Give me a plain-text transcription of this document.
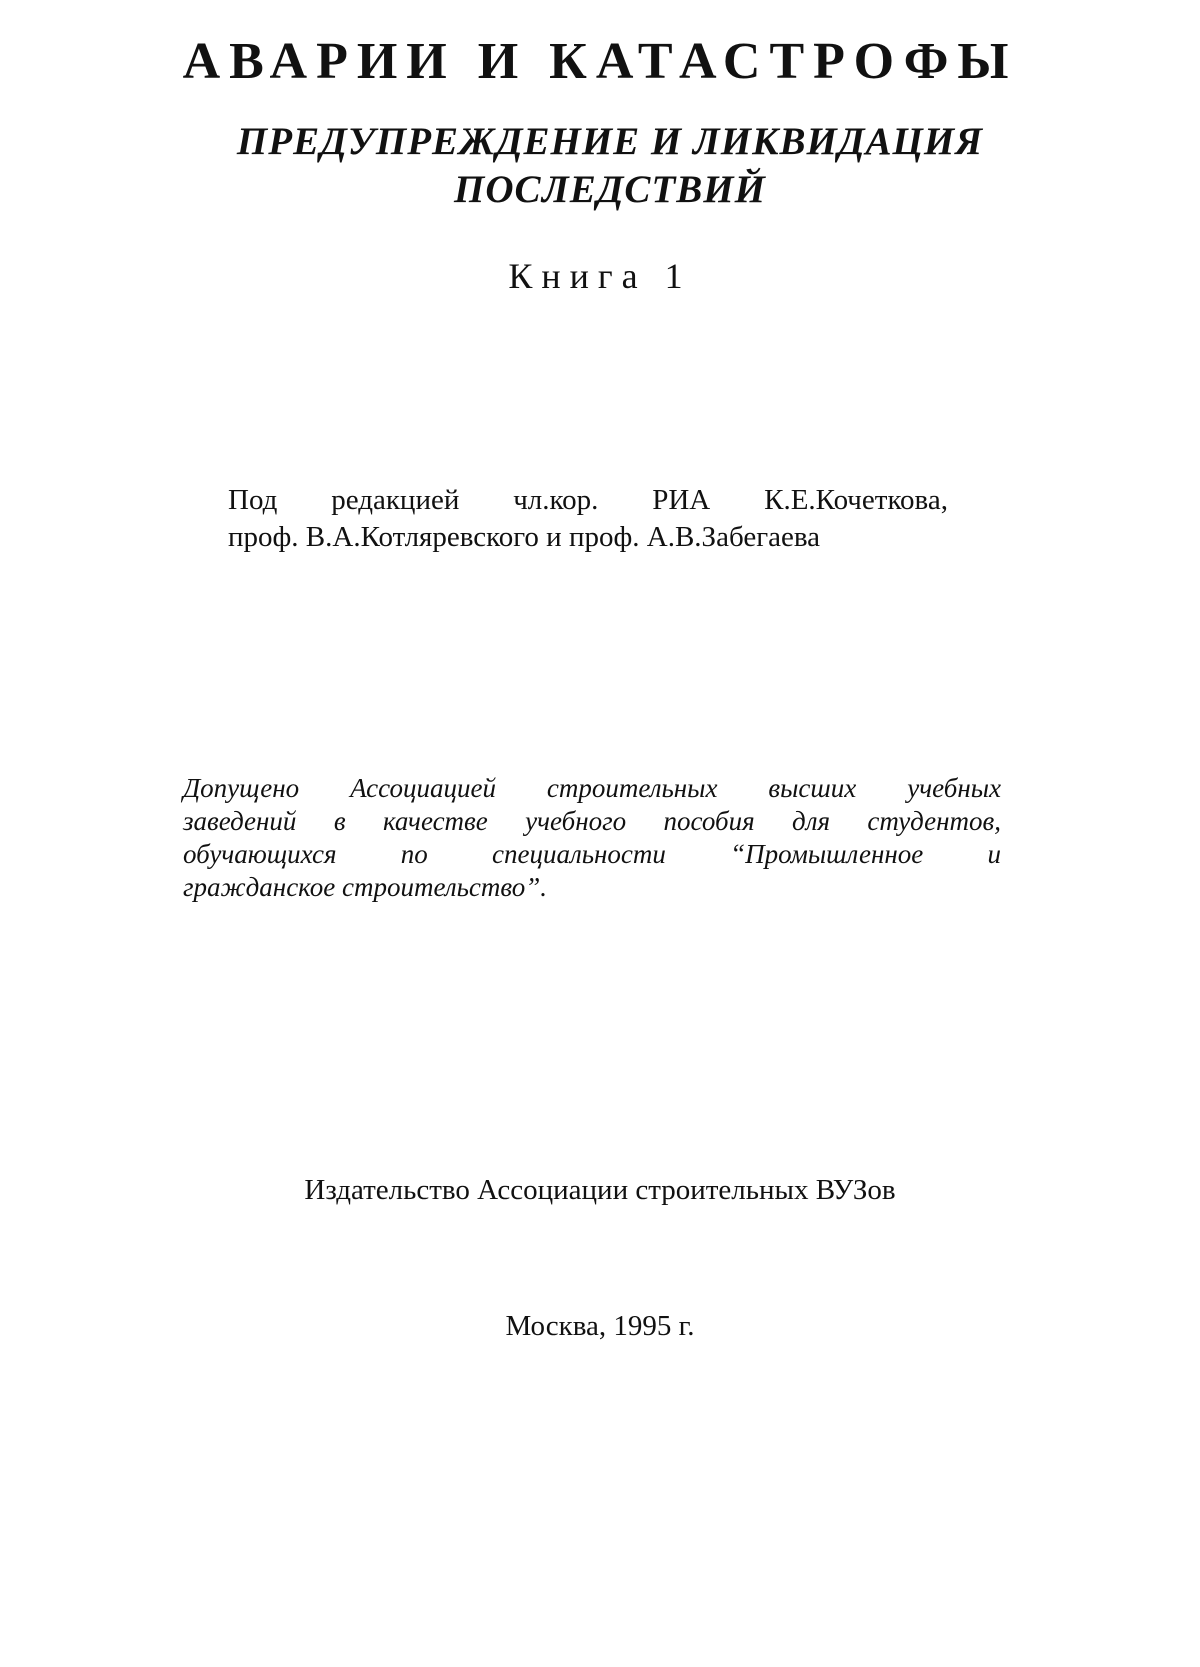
АВАРИИ И КАТАСТРОФЫ
ПРЕДУПРЕЖДЕНИЕ И ЛИКВИДАЦИЯ
ПОСЛЕДСТВИЙ
Книга 1
Под редакцией чл.кор. РИА К.Е.Кочеткова,
проф. В.А.Котляревского и проф. А.В.Забегаева
Допущено Ассоциацией строительных высших учебных
заведений в качестве учебного пособия для студентов,
обучающихся по специальности “Промышленное и
гражданское строительство”.
Издательство Ассоциации строительных ВУЗов
Москва, 1995 г.
